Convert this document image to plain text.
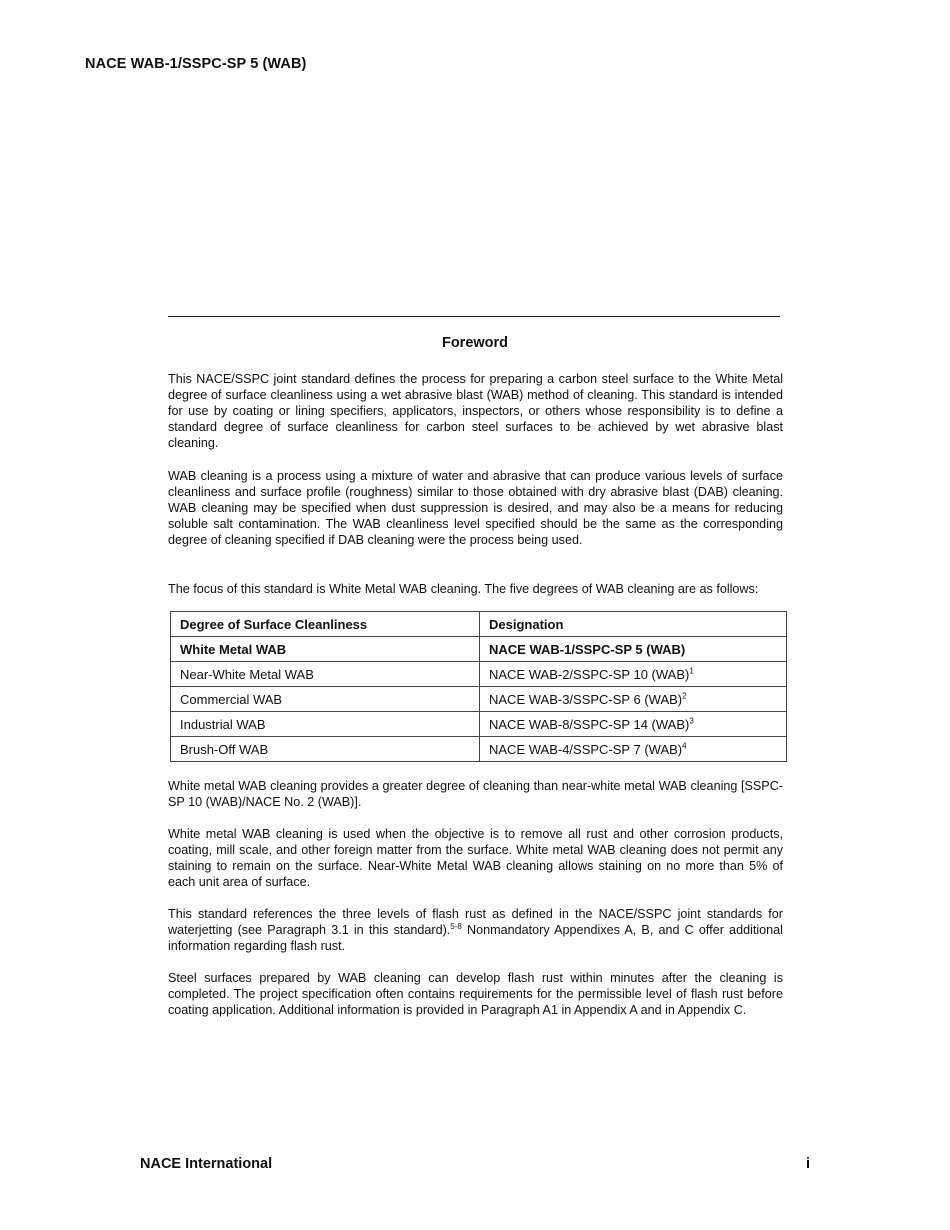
NACE WAB-1/SSPC-SP 5 (WAB)
Foreword

This NACE/SSPC joint standard defines the process for preparing a carbon steel surface to the White Metal degree of surface cleanliness using a wet abrasive blast (WAB) method of cleaning. This standard is intended for use by coating or lining specifiers, applicators, inspectors, or others whose responsibility is to define a standard degree of surface cleanliness for carbon steel surfaces to be achieved by wet abrasive blast cleaning.

WAB cleaning is a process using a mixture of water and abrasive that can produce various levels of surface cleanliness and surface profile (roughness) similar to those obtained with dry abrasive blast (DAB) cleaning. WAB cleaning may be specified when dust suppression is desired, and may also be a means for reducing soluble salt contamination. The WAB cleanliness level specified should be the same as the corresponding degree of cleaning specified if DAB cleaning were the process being used.

The focus of this standard is White Metal WAB cleaning. The five degrees of WAB cleaning are as follows:

Degree of Surface Cleanliness	Designation
White Metal WAB	NACE WAB-1/SSPC-SP 5 (WAB)
Near-White Metal WAB	NACE WAB-2/SSPC-SP 10 (WAB)$^1$
Commercial WAB	NACE WAB-3/SSPC-SP 6 (WAB)$^2$
Industrial WAB	NACE WAB-8/SSPC-SP 14 (WAB)$^3$
Brush-Off WAB	NACE WAB-4/SSPC-SP 7 (WAB)$^4$

White metal WAB cleaning provides a greater degree of cleaning than near-white metal WAB cleaning [SSPC-SP 10 (WAB)/NACE No. 2 (WAB)].

White metal WAB cleaning is used when the objective is to remove all rust and other corrosion products, coating, mill scale, and other foreign matter from the surface. White metal WAB cleaning does not permit any staining to remain on the surface. Near-White Metal WAB cleaning allows staining on no more than 5% of each unit area of surface.

This standard references the three levels of flash rust as defined in the NACE/SSPC joint standards for waterjetting (see Paragraph 3.1 in this standard).$^{5-8}$ Nonmandatory Appendixes A, B, and C offer additional information regarding flash rust.

Steel surfaces prepared by WAB cleaning can develop flash rust within minutes after the cleaning is completed. The project specification often contains requirements for the permissible level of flash rust before coating application. Additional information is provided in Paragraph A1 in Appendix A and in Appendix C.

NACE International	i
